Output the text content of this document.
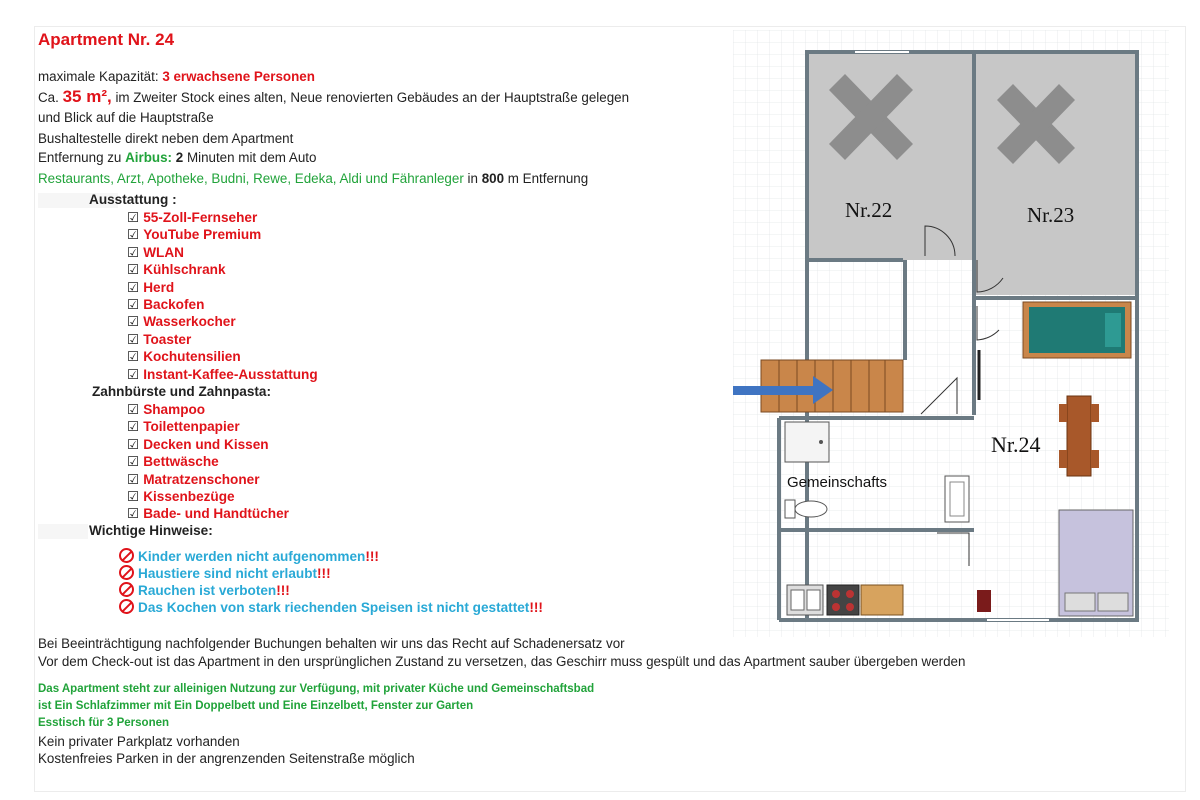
Apartment Nr. 24
maximale Kapazität: 3 erwachsene Personen
Ca. 35 m², im Zweiter Stock eines alten, Neue renovierten Gebäudes an der Hauptstraße gelegen
und Blick auf die Hauptstraße
Bushaltestelle direkt neben dem Apartment
Entfernung zu Airbus: 2 Minuten mit dem Auto
Restaurants, Arzt, Apotheke, Budni, Rewe, Edeka, Aldi und Fähranleger in 800 m Entfernung
Ausstattung :
☑ 55-Zoll-Fernseher
☑ YouTube Premium
☑ WLAN
☑ Kühlschrank
☑ Herd
☑ Backofen
☑ Wasserkocher
☑ Toaster
☑ Kochutensilien
☑ Instant-Kaffee-Ausstattung
Zahnbürste und Zahnpasta:
☑ Shampoo
☑ Toilettenpapier
☑ Decken und Kissen
☑ Bettwäsche
☑ Matratzenschoner
☑ Kissenbezüge
☑ Bade- und Handtücher
Wichtige Hinweise:
Kinder werden nicht aufgenommen!!!
Haustiere sind nicht erlaubt!!!
Rauchen ist verboten!!!
Das Kochen von stark riechenden Speisen ist nicht gestattet!!!
Bei Beeinträchtigung nachfolgender Buchungen behalten wir uns das Recht auf Schadenersatz vor
Vor dem Check-out ist das Apartment in den ursprünglichen Zustand zu versetzen, das Geschirr muss gespült und das Apartment sauber übergeben werden
Das Apartment steht zur alleinigen Nutzung zur Verfügung, mit privater Küche und Gemeinschaftsbad
ist Ein Schlafzimmer mit Ein Doppelbett und Eine Einzelbett, Fenster zur Garten
Esstisch für 3 Personen
Kein privater Parkplatz vorhanden
Kostenfreies Parken in der angrenzenden Seitenstraße möglich
Nr.22	Nr.23
Gemeinschafts
Nr.24
